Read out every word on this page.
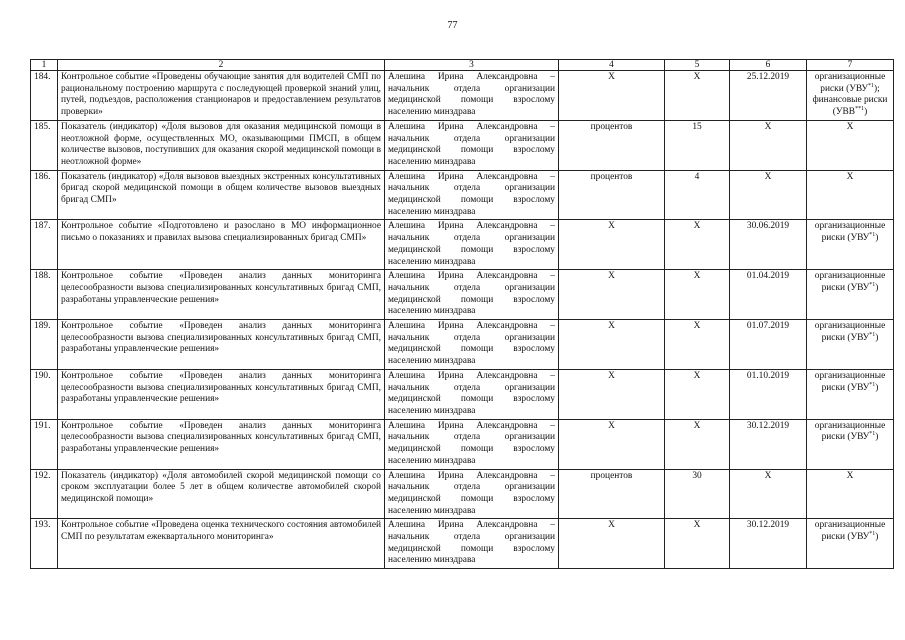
77
1	2	3	4	5	6	7
184.	Контрольное событие «Проведены обучающие занятия для водителей СМП по рациональному построению маршрута с последующей проверкой знаний улиц, путей, подъездов, расположения станционаров и предоставлением результатов проверки»	Алешина Ирина Александровна – начальник отдела организации медицинской помощи взрослому населению минздрава	Х	Х	25.12.2019	организационные риски (УВУ$^{*1}$);
финансовые риски (УВВ$^{**1}$)

185.	Показатель (индикатор) «Доля вызовов для оказания медицинской помощи в неотложной форме, осуществленных МО, оказывающими ПМСП, в общем количестве вызовов, поступивших для оказания скорой медицинской помощи в неотложной форме»	Алешина Ирина Александровна – начальник отдела организации медицинской помощи взрослому населению минздрава	процентов	15	Х	Х

186.	Показатель (индикатор) «Доля вызовов выездных экстренных консультативных бригад скорой медицинской помощи в общем количестве вызовов выездных бригад СМП»	Алешина Ирина Александровна – начальник отдела организации медицинской помощи взрослому населению минздрава	процентов	4	Х	Х

187.	Контрольное событие «Подготовлено и разослано в МО информационное письмо о показаниях и правилах вызова специализированных бригад СМП»	Алешина Ирина Александровна – начальник отдела организации медицинской помощи взрослому населению минздрава	Х	Х	30.06.2019	организационные риски (УВУ$^{*1}$)

188.	Контрольное событие «Проведен анализ данных мониторинга целесообразности вызова специализированных консультативных бригад СМП, разработаны управленческие решения»	Алешина Ирина Александровна – начальник отдела организации медицинской помощи взрослому населению минздрава	Х	Х	01.04.2019	организационные риски (УВУ$^{*1}$)

189.	Контрольное событие «Проведен анализ данных мониторинга целесообразности вызова специализированных консультативных бригад СМП, разработаны управленческие решения»	Алешина Ирина Александровна – начальник отдела организации медицинской помощи взрослому населению минздрава	Х	Х	01.07.2019	организационные риски (УВУ$^{*1}$)

190.	Контрольное событие «Проведен анализ данных мониторинга целесообразности вызова специализированных консультативных бригад СМП, разработаны управленческие решения»	Алешина Ирина Александровна – начальник отдела организации медицинской помощи взрослому населению минздрава	Х	Х	01.10.2019	организационные риски (УВУ$^{*1}$)

191.	Контрольное событие «Проведен анализ данных мониторинга целесообразности вызова специализированных консультативных бригад СМП, разработаны управленческие решения»	Алешина Ирина Александровна – начальник отдела организации медицинской помощи взрослому населению минздрава	Х	Х	30.12.2019	организационные риски (УВУ$^{*1}$)

192.	Показатель (индикатор) «Доля автомобилей скорой медицинской помощи со сроком эксплуатации более 5 лет в общем количестве автомобилей скорой медицинской помощи»	Алешина Ирина Александровна – начальник отдела организации медицинской помощи взрослому населению минздрава	процентов	30	Х	Х

193.	Контрольное событие «Проведена оценка технического состояния автомобилей СМП по результатам ежеквартального мониторинга»	Алешина Ирина Александровна – начальник отдела организации медицинской помощи взрослому населению минздрава	Х	Х	30.12.2019	организационные риски (УВУ$^{*1}$)
